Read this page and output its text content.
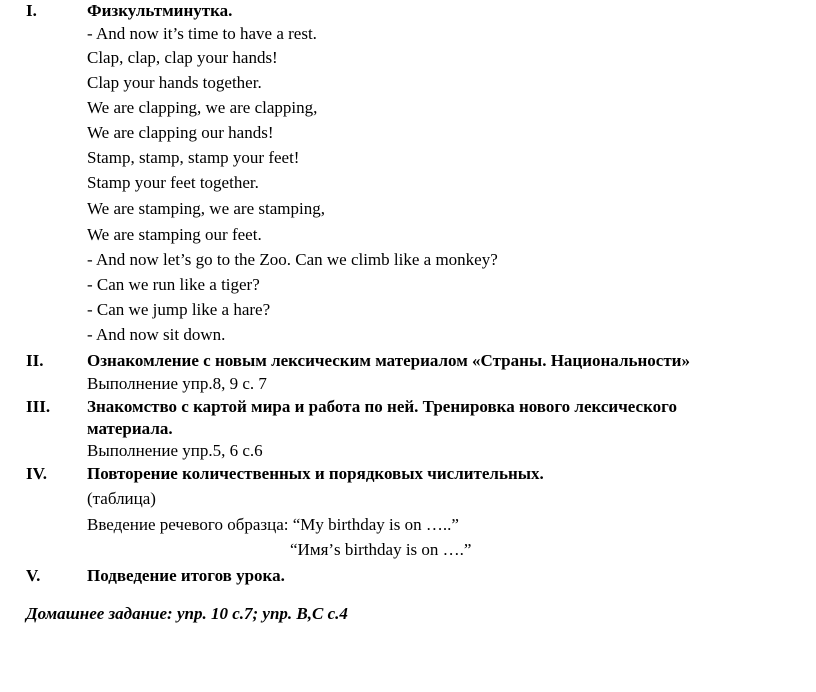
I.	Физкультминутка.
- And now it’s time to have a rest.
Clap, clap, clap your hands!
Clap your hands together.
We are clapping, we are clapping,
We are clapping our hands!
Stamp, stamp, stamp your feet!
Stamp your feet together.
We are stamping, we are stamping,
We are stamping our feet.
- And now let’s go to the Zoo. Can we climb like a monkey?
- Can we run like a tiger?
- Can we jump like a hare?
- And now sit down.
II.	Ознакомление с новым лексическим материалом «Страны. Национальности»
Выполнение упр.8, 9 с. 7
III. Знакомство с картой мира и работа по ней. Тренировка нового лексического
материала.
Выполнение упр.5, 6 с.6
IV. Повторение количественных и порядковых числительных.
(таблица)
Введение речевого образца: “My birthday is on …..”
“Имя’s birthday is on ….”
V.	Подведение итогов урока.
Домашнее задание: упр. 10 с.7; упр. B,C с.4
